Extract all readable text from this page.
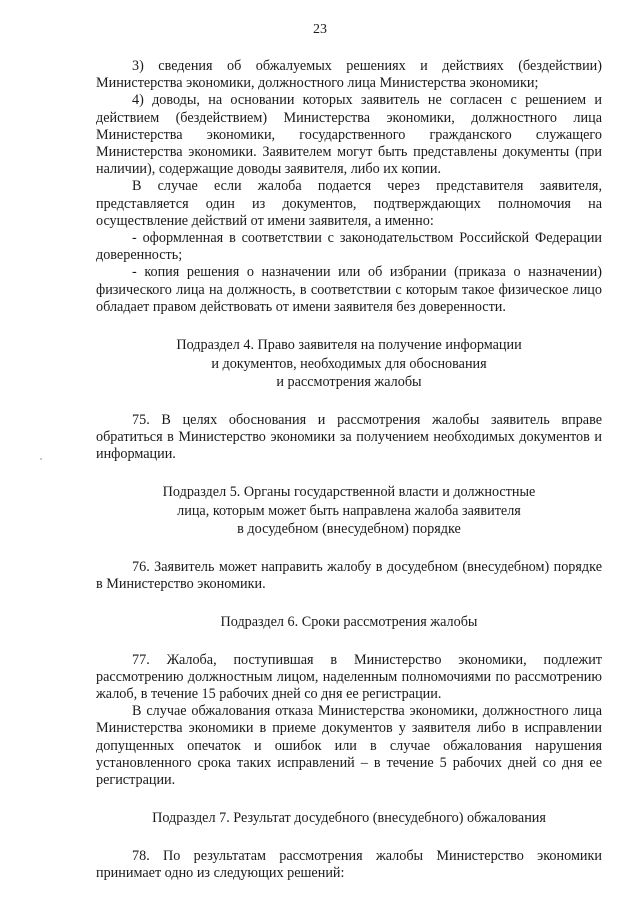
23

3) сведения об обжалуемых решениях и действиях (бездействии) Министерства экономики, должностного лица Министерства экономики;

4) доводы, на основании которых заявитель не согласен с решением и действием (бездействием) Министерства экономики, должностного лица Министерства экономики, государственного гражданского служащего Министерства экономики. Заявителем могут быть представлены документы (при наличии), содержащие доводы заявителя, либо их копии.

В случае если жалоба подается через представителя заявителя, представляется один из документов, подтверждающих полномочия на осуществление действий от имени заявителя, а именно:

- оформленная в соответствии с законодательством Российской Федерации доверенность;

- копия решения о назначении или об избрании (приказа о назначении) физического лица на должность, в соответствии с которым такое физическое лицо обладает правом действовать от имени заявителя без доверенности.

Подраздел 4. Право заявителя на получение информации
и документов, необходимых для обоснования
и рассмотрения жалобы

75. В целях обоснования и рассмотрения жалобы заявитель вправе обратиться в Министерство экономики за получением необходимых документов и информации.

Подраздел 5. Органы государственной власти и должностные
лица, которым может быть направлена жалоба заявителя
в досудебном (внесудебном) порядке

76. Заявитель может направить жалобу в досудебном (внесудебном) порядке в Министерство экономики.

Подраздел 6. Сроки рассмотрения жалобы

77. Жалоба, поступившая в Министерство экономики, подлежит рассмотрению должностным лицом, наделенным полномочиями по рассмотрению жалоб, в течение 15 рабочих дней со дня ее регистрации.

В случае обжалования отказа Министерства экономики, должностного лица Министерства экономики в приеме документов у заявителя либо в исправлении допущенных опечаток и ошибок или в случае обжалования нарушения установленного срока таких исправлений – в течение 5 рабочих дней со дня ее регистрации.

Подраздел 7. Результат досудебного (внесудебного) обжалования

78. По результатам рассмотрения жалобы Министерство экономики принимает одно из следующих решений:
